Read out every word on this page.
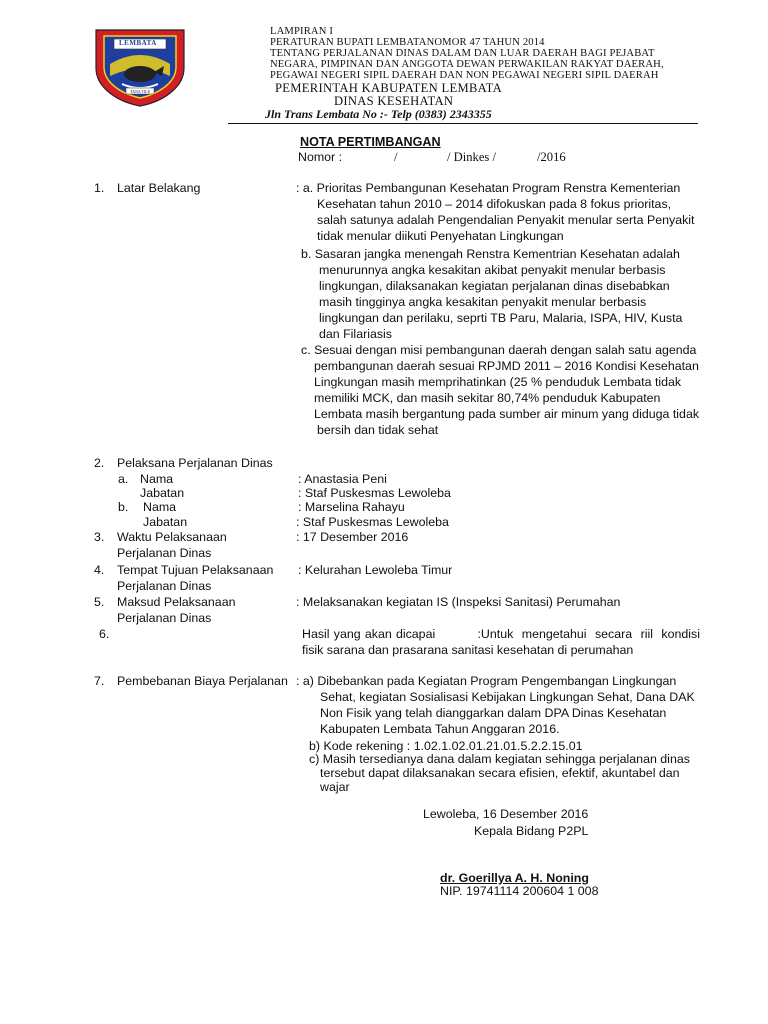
LEMBATA
TANA TILE
LAMPIRAN I
PERATURAN BUPATI LEMBATANOMOR 47 TAHUN 2014
TENTANG PERJALANAN DINAS DALAM DAN LUAR DAERAH BAGI PEJABAT
NEGARA, PIMPINAN DAN ANGGOTA DEWAN PERWAKILAN RAKYAT DAERAH,
PEGAWAI NEGERI SIPIL DAERAH DAN NON PEGAWAI NEGERI SIPIL DAERAH
PEMERINTAH KABUPATEN LEMBATA
DINAS KESEHATAN
Jln Trans Lembata No :- Telp (0383) 2343355
NOTA PERTIMBANGAN
Nomor :	/	/ Dinkes /	/2016
1. Latar Belakang	: a. Prioritas Pembangunan Kesehatan Program Renstra Kementerian
Kesehatan tahun 2010 – 2014 difokuskan pada 8 fokus prioritas,
salah satunya adalah Pengendalian Penyakit menular serta Penyakit
tidak menular diikuti Penyehatan Lingkungan
b. Sasaran jangka menengah Renstra Kementrian Kesehatan adalah
menurunnya angka kesakitan akibat penyakit menular berbasis
lingkungan, dilaksanakan kegiatan perjalanan dinas disebabkan
masih tingginya angka kesakitan penyakit menular berbasis
lingkungan dan perilaku, seprti TB Paru, Malaria, ISPA, HIV, Kusta
dan Filariasis
c. Sesuai dengan misi pembangunan daerah dengan salah satu agenda
pembangunan daerah sesuai RPJMD 2011 – 2016 Kondisi Kesehatan
Lingkungan masih memprihatinkan (25 % penduduk Lembata tidak
memiliki MCK, dan masih sekitar 80,74% penduduk Kabupaten
Lembata masih bergantung pada sumber air minum yang diduga tidak
bersih dan tidak sehat
2. Pelaksana Perjalanan Dinas
a. Nama	: Anastasia Peni
Jabatan	: Staf Puskesmas Lewoleba
b. Nama	: Marselina Rahayu
Jabatan	: Staf Puskesmas Lewoleba
3. Waktu Pelaksanaan
Perjalanan Dinas
: 17 Desember 2016
4. Tempat Tujuan Pelaksanaan
Perjalanan Dinas
: Kelurahan Lewoleba Timur
5. Maksud Pelaksanaan
Perjalanan Dinas
: Melaksanakan kegiatan IS (Inspeksi Sanitasi) Perumahan
6.	Hasil yang akan dicapai          :Untuk  mengetahui  secara  riil  kondisi
fisik sarana dan prasarana sanitasi kesehatan di perumahan
7. Pembebanan Biaya Perjalanan : a) Dibebankan pada Kegiatan Program Pengembangan Lingkungan
Sehat, kegiatan Sosialisasi Kebijakan Lingkungan Sehat, Dana DAK
Non Fisik yang telah dianggarkan dalam DPA Dinas Kesehatan
Kabupaten Lembata Tahun Anggaran 2016.
b) Kode rekening : 1.02.1.02.01.21.01.5.2.2.15.01
c) Masih tersedianya dana dalam kegiatan sehingga perjalanan dinas
tersebut dapat dilaksanakan secara efisien, efektif, akuntabel dan
wajar
Lewoleba, 16 Desember 2016
Kepala Bidang P2PL
dr. Goerillya A. H. Noning
NIP. 19741114 200604 1 008
